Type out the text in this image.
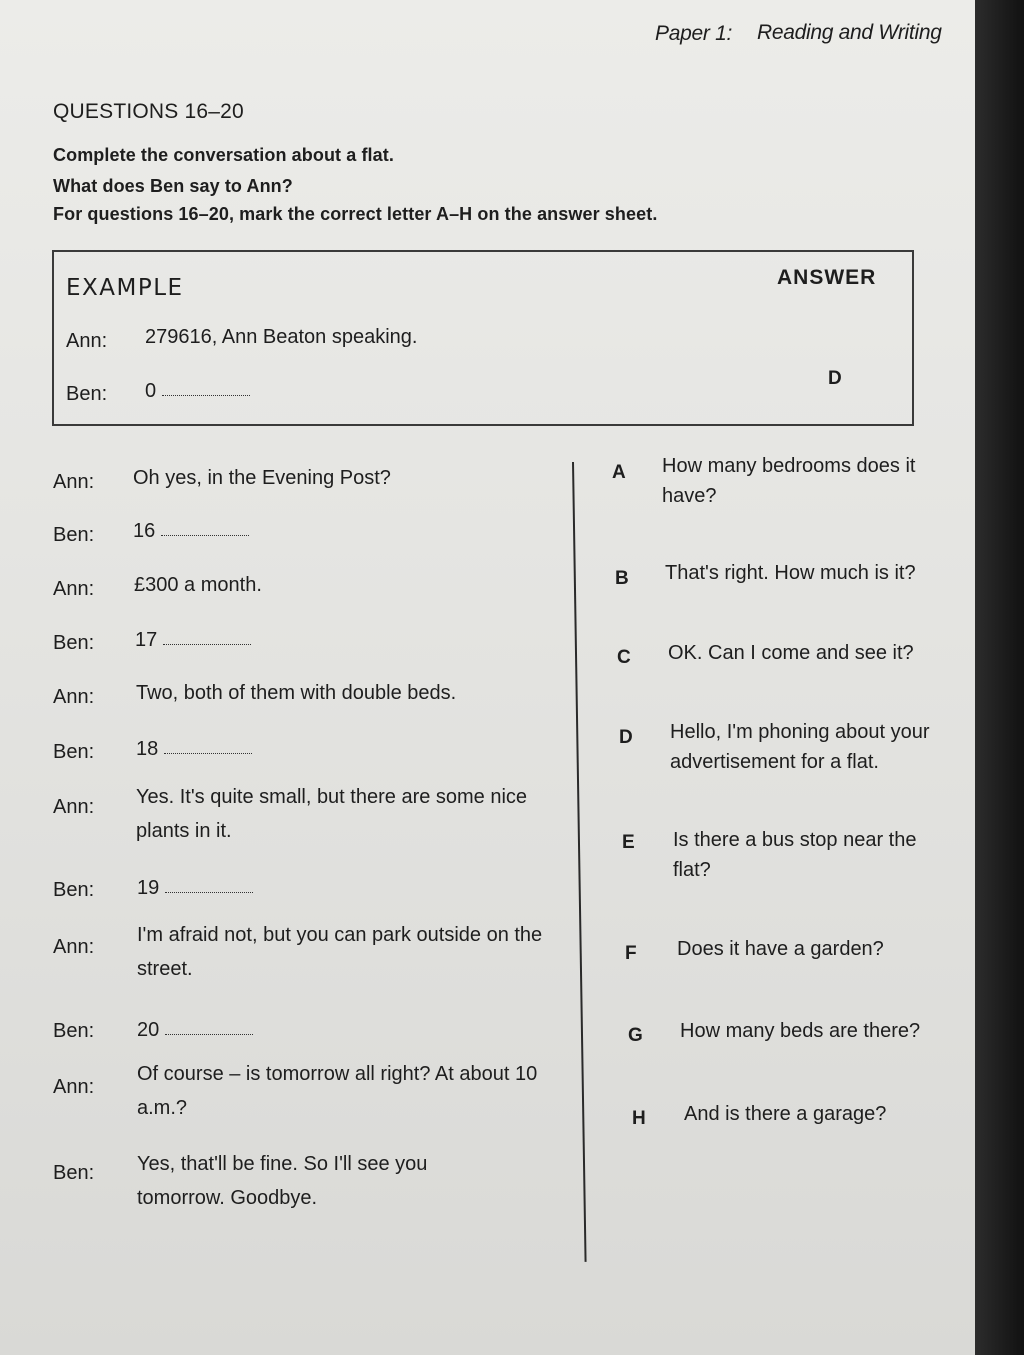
Paper 1: Reading and Writing
QUESTIONS 16–20
Complete the conversation about a flat.
What does Ben say to Ann?
For questions 16–20, mark the correct letter A–H on the answer sheet.
EXAMPLE	ANSWER
D
Ann: 279616, Ann Beaton speaking.
Ben: 0
Ann: Oh yes, in the Evening Post?
Ben: 16
Ann: £300 a month.
Ben: 17
Ann: Two, both of them with double beds.
Ben: 18
Ann: Yes. It's quite small, but there are some nice plants in it.
Ben: 19
Ann:
I'm afraid not, but you can park outside on the street.
Ben: 20
Ann:
Of course – is tomorrow all right? At about 10 a.m.?
Ben: Yes, that'll be fine. So I'll see you tomorrow. Goodbye.
A How many bedrooms does it have?
B That's right. How much is it?
C OK. Can I come and see it?
D Hello, I'm phoning about your advertisement for a flat.
E Is there a bus stop near the flat?
F Does it have a garden?
G How many beds are there?
H And is there a garage?
